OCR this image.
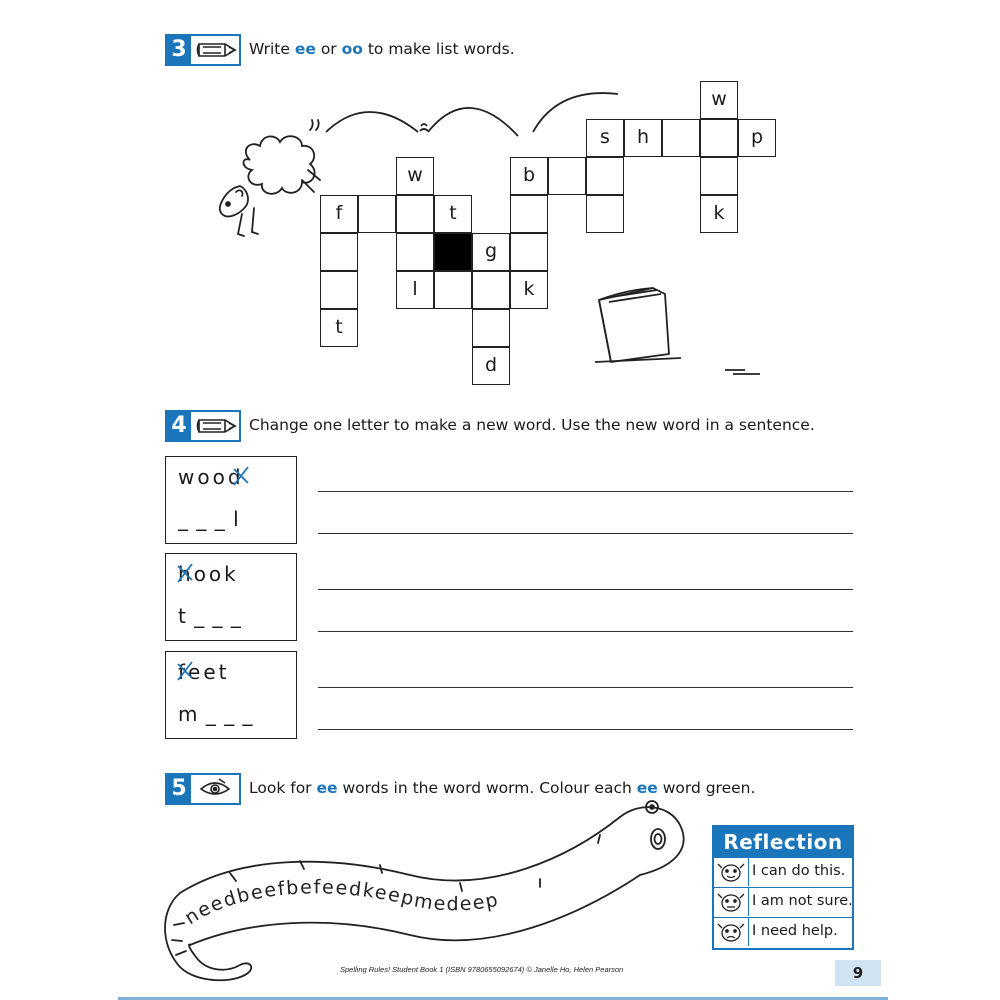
3	Write ee or oo to make list words.
w
s	h	p
w	b
f	t	k
g
l	k
t
d
4	Change one letter to make a new word. Use the new word in a sentence.
wood
_ _ _ l
hook
t _ _ _
feet
m _ _ _
5	Look for ee words in the word worm. Colour each ee word green.
needbeefbefeedkeepmedeep
Reflection
I can do this.
I am not sure.
I need help.
Spelling Rules! Student Book 1 (ISBN 9780655092674) © Janelle Ho, Helen Pearson	9
